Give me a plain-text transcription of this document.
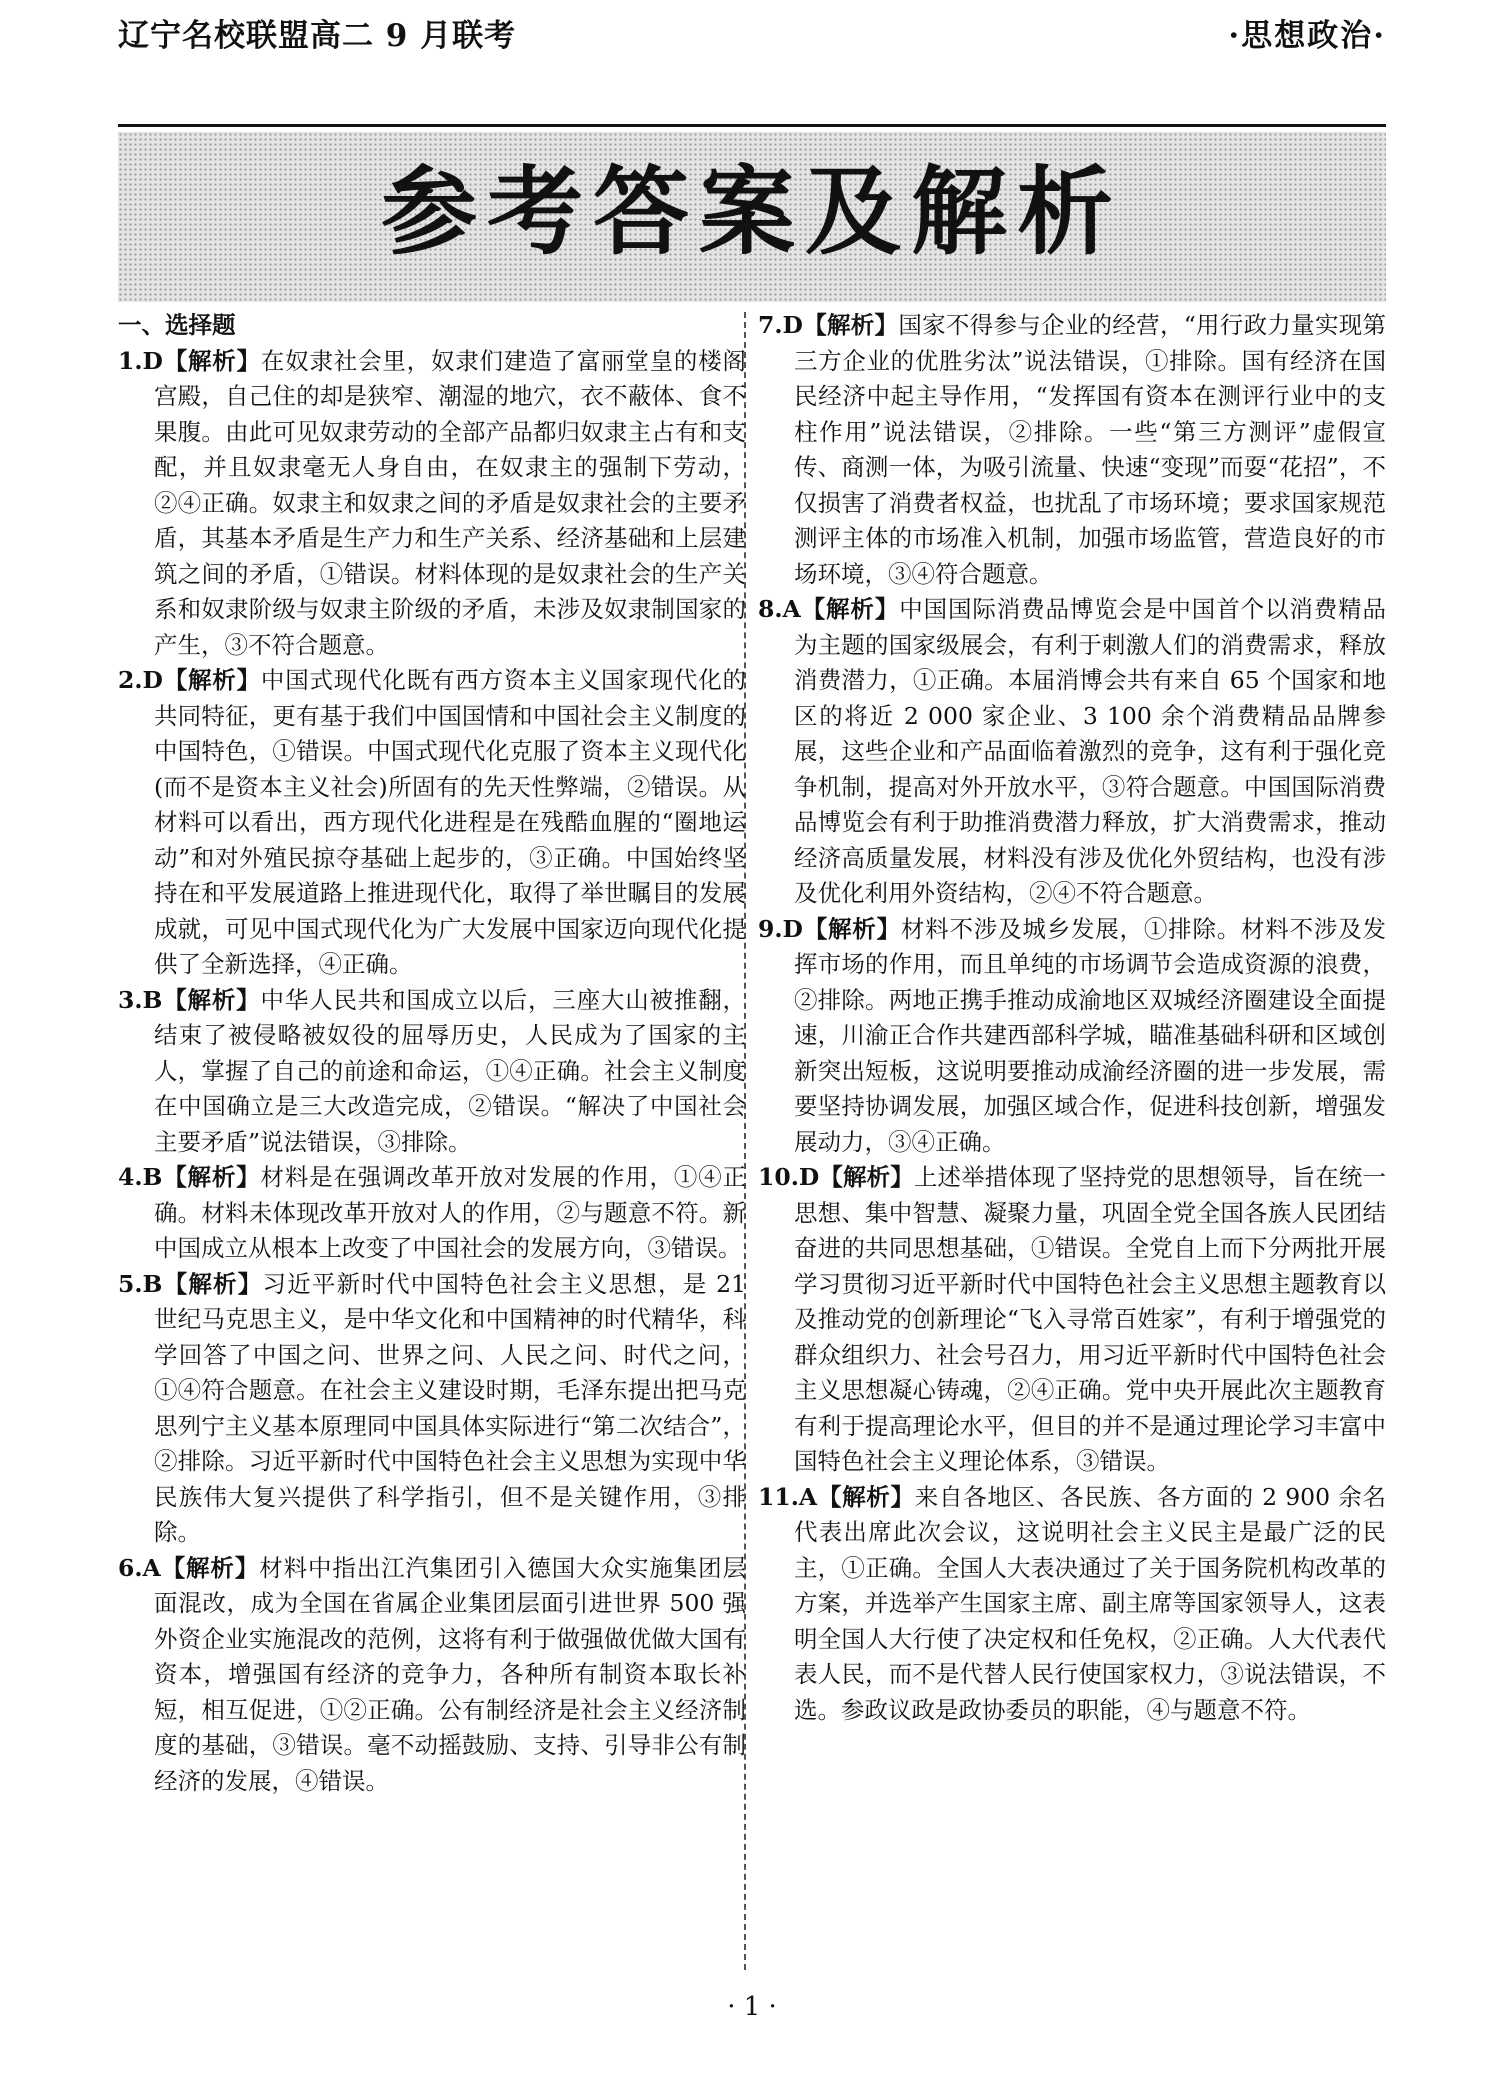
辽宁名校联盟高二 9 月联考	·思想政治·
参考答案及解析
一、选择题
1.D【解析】在奴隶社会里，奴隶们建造了富丽堂皇的楼阁宫殿，自己住的却是狭窄、潮湿的地穴，衣不蔽体、食不果腹。由此可见奴隶劳动的全部产品都归奴隶主占有和支配，并且奴隶毫无人身自由，在奴隶主的强制下劳动，②④正确。奴隶主和奴隶之间的矛盾是奴隶社会的主要矛盾，其基本矛盾是生产力和生产关系、经济基础和上层建筑之间的矛盾，①错误。材料体现的是奴隶社会的生产关系和奴隶阶级与奴隶主阶级的矛盾，未涉及奴隶制国家的产生，③不符合题意。
2.D【解析】中国式现代化既有西方资本主义国家现代化的共同特征，更有基于我们中国国情和中国社会主义制度的中国特色，①错误。中国式现代化克服了资本主义现代化(而不是资本主义社会)所固有的先天性弊端，②错误。从材料可以看出，西方现代化进程是在残酷血腥的“圈地运动”和对外殖民掠夺基础上起步的，③正确。中国始终坚持在和平发展道路上推进现代化，取得了举世瞩目的发展成就，可见中国式现代化为广大发展中国家迈向现代化提供了全新选择，④正确。
3.B【解析】中华人民共和国成立以后，三座大山被推翻，结束了被侵略被奴役的屈辱历史，人民成为了国家的主人，掌握了自己的前途和命运，①④正确。社会主义制度在中国确立是三大改造完成，②错误。“解决了中国社会主要矛盾”说法错误，③排除。
4.B【解析】材料是在强调改革开放对发展的作用，①④正确。材料未体现改革开放对人的作用，②与题意不符。新中国成立从根本上改变了中国社会的发展方向，③错误。
5.B【解析】习近平新时代中国特色社会主义思想，是 21 世纪马克思主义，是中华文化和中国精神的时代精华，科学回答了中国之问、世界之问、人民之问、时代之问，①④符合题意。在社会主义建设时期，毛泽东提出把马克思列宁主义基本原理同中国具体实际进行“第二次结合”，②排除。习近平新时代中国特色社会主义思想为实现中华民族伟大复兴提供了科学指引，但不是关键作用，③排除。
6.A【解析】材料中指出江汽集团引入德国大众实施集团层面混改，成为全国在省属企业集团层面引进世界 500 强外资企业实施混改的范例，这将有利于做强做优做大国有资本，增强国有经济的竞争力，各种所有制资本取长补短，相互促进，①②正确。公有制经济是社会主义经济制度的基础，③错误。毫不动摇鼓励、支持、引导非公有制经济的发展，④错误。
7.D【解析】国家不得参与企业的经营，“用行政力量实现第三方企业的优胜劣汰”说法错误，①排除。国有经济在国民经济中起主导作用，“发挥国有资本在测评行业中的支柱作用”说法错误，②排除。一些“第三方测评”虚假宣传、商测一体，为吸引流量、快速“变现”而耍“花招”，不仅损害了消费者权益，也扰乱了市场环境；要求国家规范测评主体的市场准入机制，加强市场监管，营造良好的市场环境，③④符合题意。
8.A【解析】中国国际消费品博览会是中国首个以消费精品为主题的国家级展会，有利于刺激人们的消费需求，释放消费潜力，①正确。本届消博会共有来自 65 个国家和地区的将近 2 000 家企业、3 100 余个消费精品品牌参展，这些企业和产品面临着激烈的竞争，这有利于强化竞争机制，提高对外开放水平，③符合题意。中国国际消费品博览会有利于助推消费潜力释放，扩大消费需求，推动经济高质量发展，材料没有涉及优化外贸结构，也没有涉及优化利用外资结构，②④不符合题意。
9.D【解析】材料不涉及城乡发展，①排除。材料不涉及发挥市场的作用，而且单纯的市场调节会造成资源的浪费，②排除。两地正携手推动成渝地区双城经济圈建设全面提速，川渝正合作共建西部科学城，瞄准基础科研和区域创新突出短板，这说明要推动成渝经济圈的进一步发展，需要坚持协调发展，加强区域合作，促进科技创新，增强发展动力，③④正确。
10.D【解析】上述举措体现了坚持党的思想领导，旨在统一思想、集中智慧、凝聚力量，巩固全党全国各族人民团结奋进的共同思想基础，①错误。全党自上而下分两批开展学习贯彻习近平新时代中国特色社会主义思想主题教育以及推动党的创新理论“飞入寻常百姓家”，有利于增强党的群众组织力、社会号召力，用习近平新时代中国特色社会主义思想凝心铸魂，②④正确。党中央开展此次主题教育有利于提高理论水平，但目的并不是通过理论学习丰富中国特色社会主义理论体系，③错误。
11.A【解析】来自各地区、各民族、各方面的 2 900 余名代表出席此次会议，这说明社会主义民主是最广泛的民主，①正确。全国人大表决通过了关于国务院机构改革的方案，并选举产生国家主席、副主席等国家领导人，这表明全国人大行使了决定权和任免权，②正确。人大代表代表人民，而不是代替人民行使国家权力，③说法错误，不选。参政议政是政协委员的职能，④与题意不符。
· 1 ·
